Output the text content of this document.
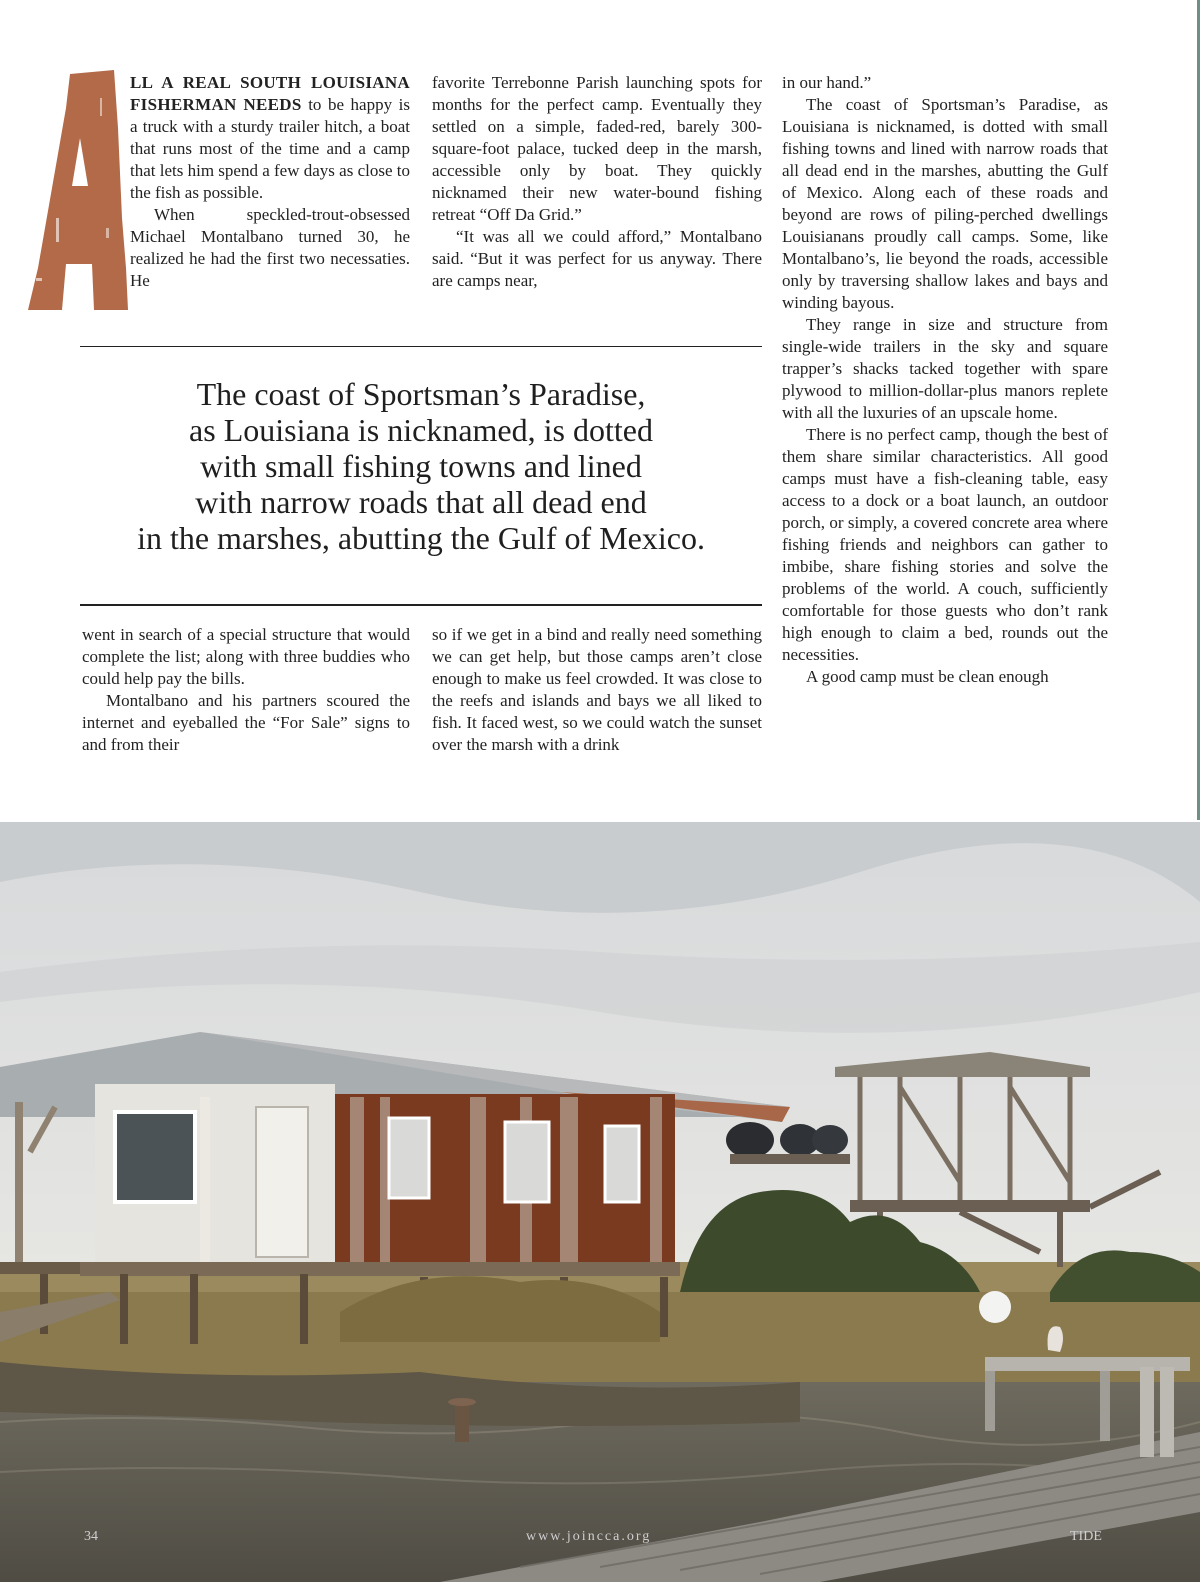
LL A REAL SOUTH LOUISIANA FISHERMAN NEEDS to be happy is a truck with a sturdy trailer hitch, a boat that runs most of the time and a camp that lets him spend a few days as close to the fish as possible.

When speckled-trout-obsessed Michael Montalbano turned 30, he realized he had the first two necessaties. He

favorite Terrebonne Parish launching spots for months for the perfect camp. Eventually they settled on a simple, faded-red, barely 300-square-foot palace, tucked deep in the marsh, accessible only by boat. They quickly nicknamed their new water-bound fishing retreat “Off Da Grid.”

“It was all we could afford,” Montalbano said. “But it was perfect for us anyway. There are camps near,

The coast of Sportsman’s Paradise,
as Louisiana is nicknamed, is dotted
with small fishing towns and lined
with narrow roads that all dead end
in the marshes, abutting the Gulf of Mexico.

went in search of a special structure that would complete the list; along with three buddies who could help pay the bills.

Montalbano and his partners scoured the internet and eyeballed the “For Sale” signs to and from their

so if we get in a bind and really need something we can get help, but those camps aren’t close enough to make us feel crowded. It was close to the reefs and islands and bays we all liked to fish. It faced west, so we could watch the sunset over the marsh with a drink

in our hand.”

The coast of Sportsman’s Paradise, as Louisiana is nicknamed, is dotted with small fishing towns and lined with narrow roads that all dead end in the marshes, abutting the Gulf of Mexico. Along each of these roads and beyond are rows of piling-perched dwellings Louisianans proudly call camps. Some, like Montalbano’s, lie beyond the roads, accessible only by traversing shallow lakes and bays and winding bayous.

They range in size and structure from single-wide trailers in the sky and square trapper’s shacks tacked together with spare plywood to million-dollar-plus manors replete with all the luxuries of an upscale home.

There is no perfect camp, though the best of them share similar characteristics. All good camps must have a fish-cleaning table, easy access to a dock or a boat launch, an outdoor porch, or simply, a covered concrete area where fishing friends and neighbors can gather to imbibe, share fishing stories and solve the problems of the world. A couch, sufficiently comfortable for those guests who don’t rank high enough to claim a bed, rounds out the necessities.

A good camp must be clean enough

34	www.joincca.org	TIDE
